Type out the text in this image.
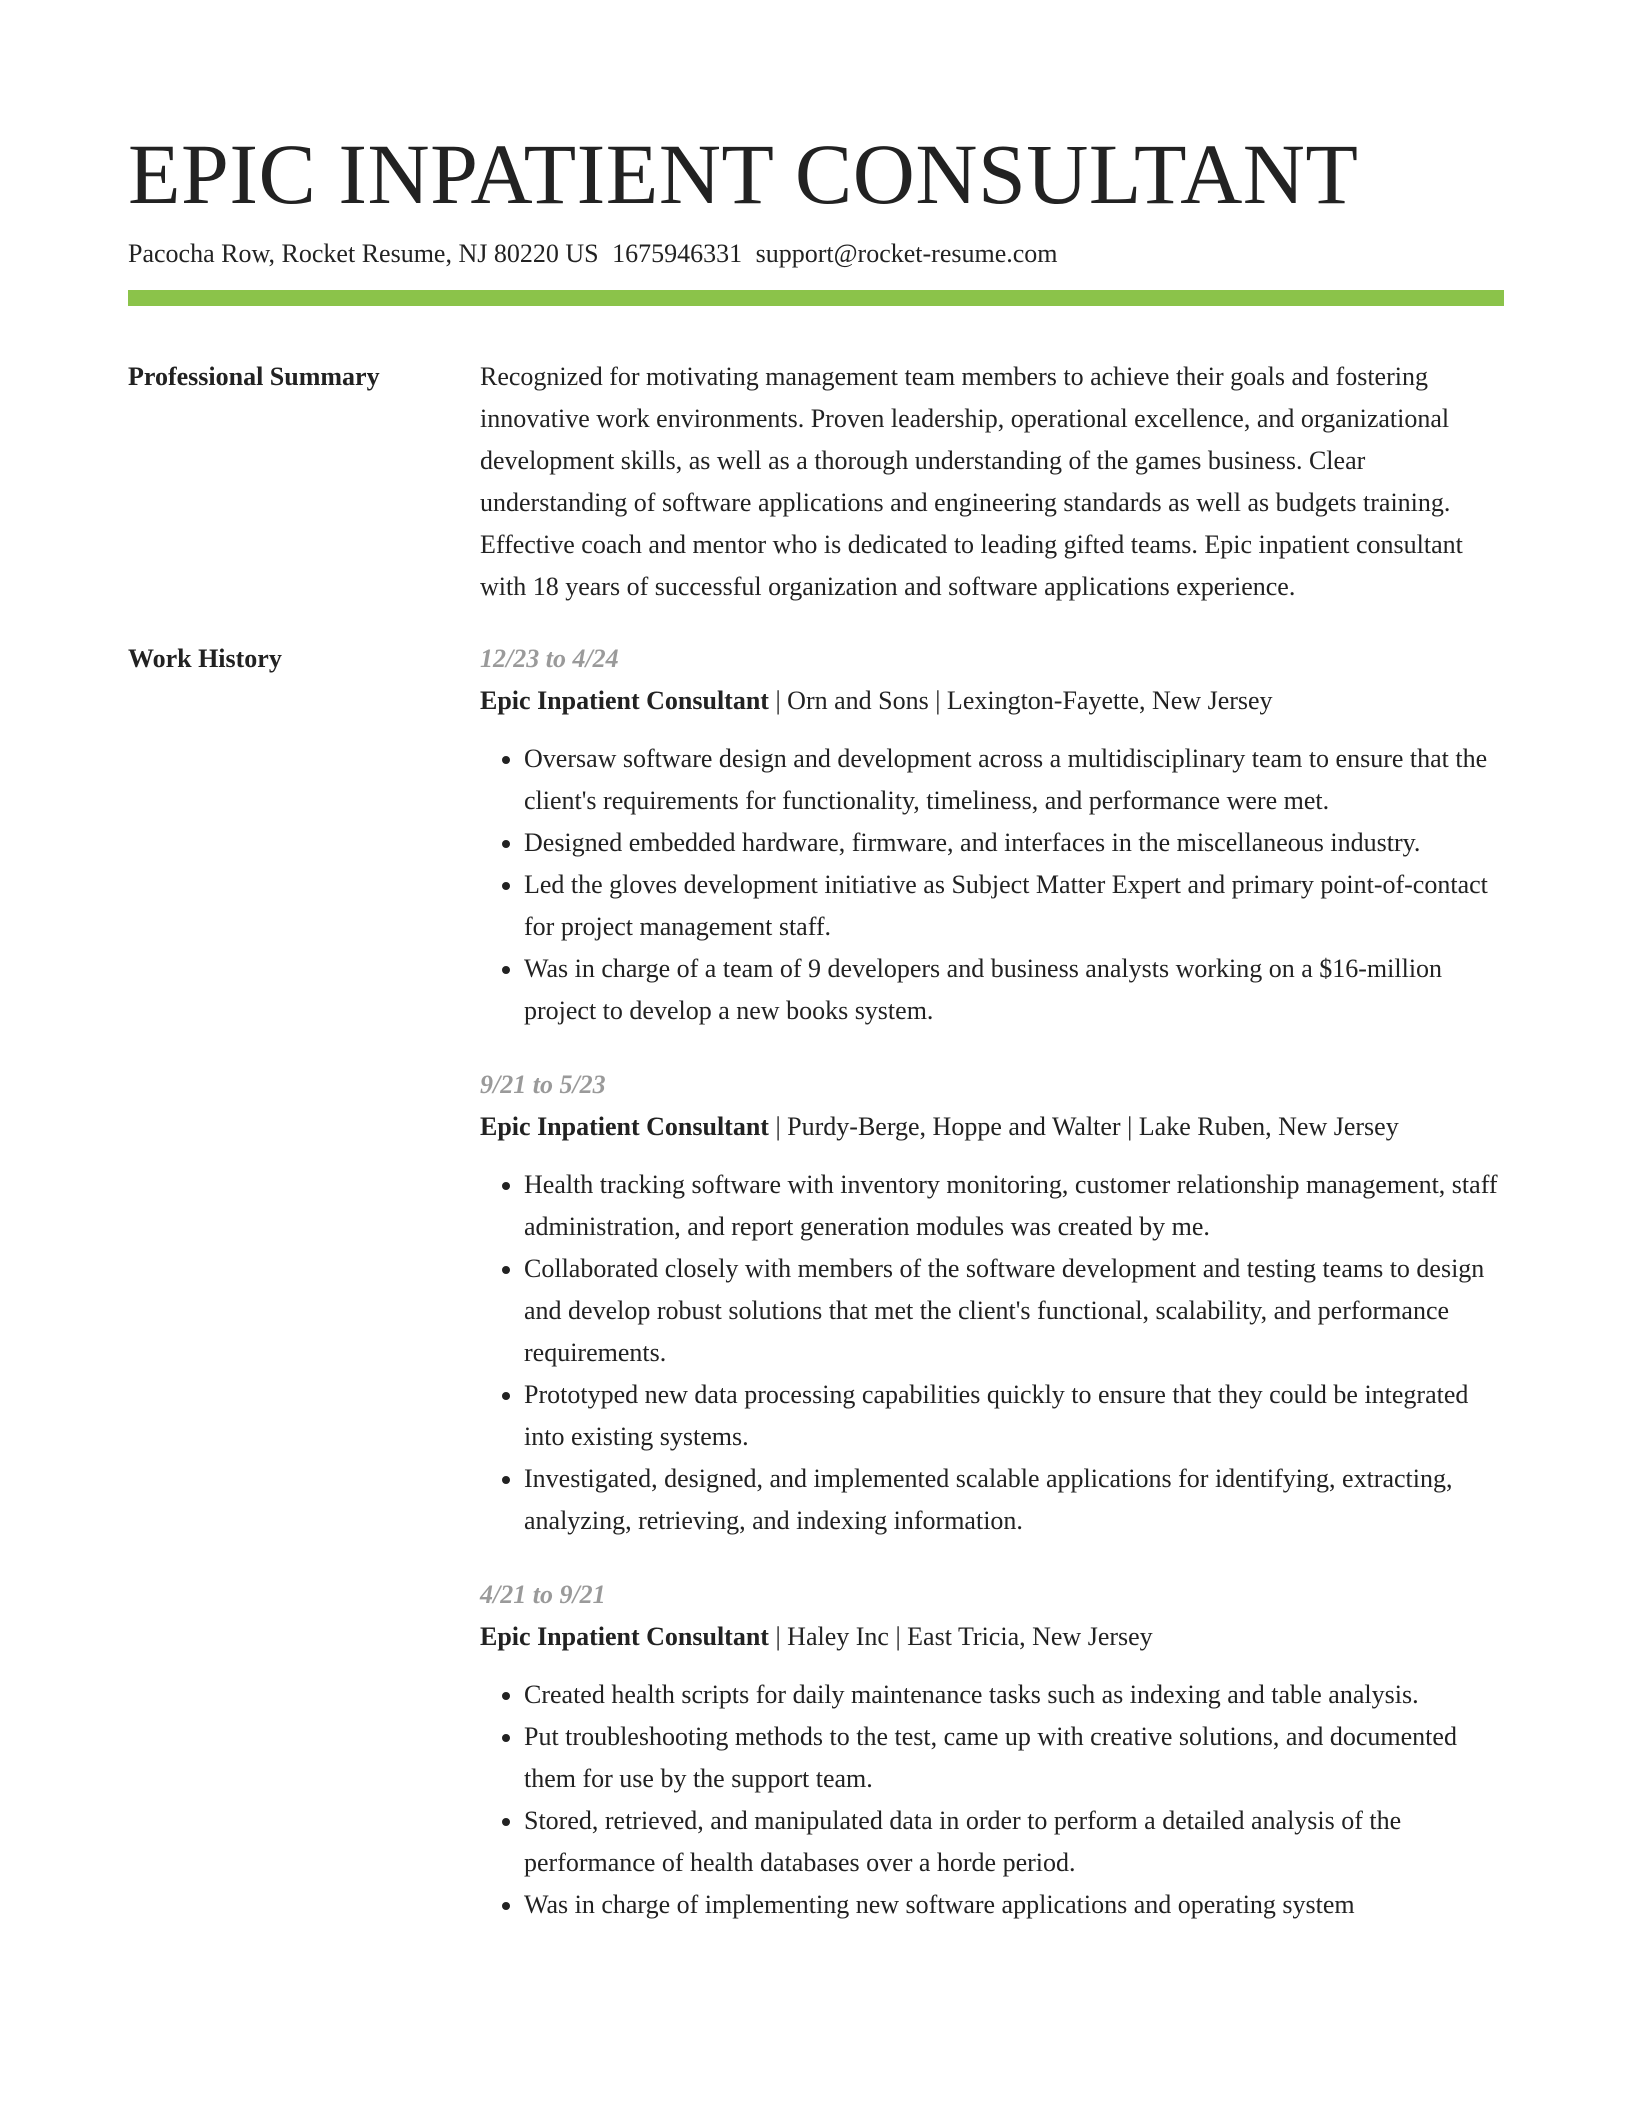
EPIC INPATIENT CONSULTANT
Pacocha Row, Rocket Resume, NJ 80220 US 1675946331 support@rocket-resume.com
Professional Summary	Recognized for motivating management team members to achieve their goals and fostering innovative work environments. Proven leadership, operational excellence, and organizational development skills, as well as a thorough understanding of the games business. Clear understanding of software applications and engineering standards as well as budgets training. Effective coach and mentor who is dedicated to leading gifted teams. Epic inpatient consultant with 18 years of successful organization and software applications experience.

Work History	12/23 to 4/24
Epic Inpatient Consultant | Orn and Sons | Lexington-Fayette, New Jersey
• Oversaw software design and development across a multidisciplinary team to ensure that the client's requirements for functionality, timeliness, and performance were met.
• Designed embedded hardware, firmware, and interfaces in the miscellaneous industry.
• Led the gloves development initiative as Subject Matter Expert and primary point-of-contact for project management staff.
• Was in charge of a team of 9 developers and business analysts working on a $16-million project to develop a new books system.
9/21 to 5/23
Epic Inpatient Consultant | Purdy-Berge, Hoppe and Walter | Lake Ruben, New Jersey
• Health tracking software with inventory monitoring, customer relationship management, staff administration, and report generation modules was created by me.
• Collaborated closely with members of the software development and testing teams to design and develop robust solutions that met the client's functional, scalability, and performance requirements.
• Prototyped new data processing capabilities quickly to ensure that they could be integrated into existing systems.
• Investigated, designed, and implemented scalable applications for identifying, extracting, analyzing, retrieving, and indexing information.
4/21 to 9/21
Epic Inpatient Consultant | Haley Inc | East Tricia, New Jersey
• Created health scripts for daily maintenance tasks such as indexing and table analysis.
• Put troubleshooting methods to the test, came up with creative solutions, and documented them for use by the support team.
• Stored, retrieved, and manipulated data in order to perform a detailed analysis of the performance of health databases over a horde period.
• Was in charge of implementing new software applications and operating system
